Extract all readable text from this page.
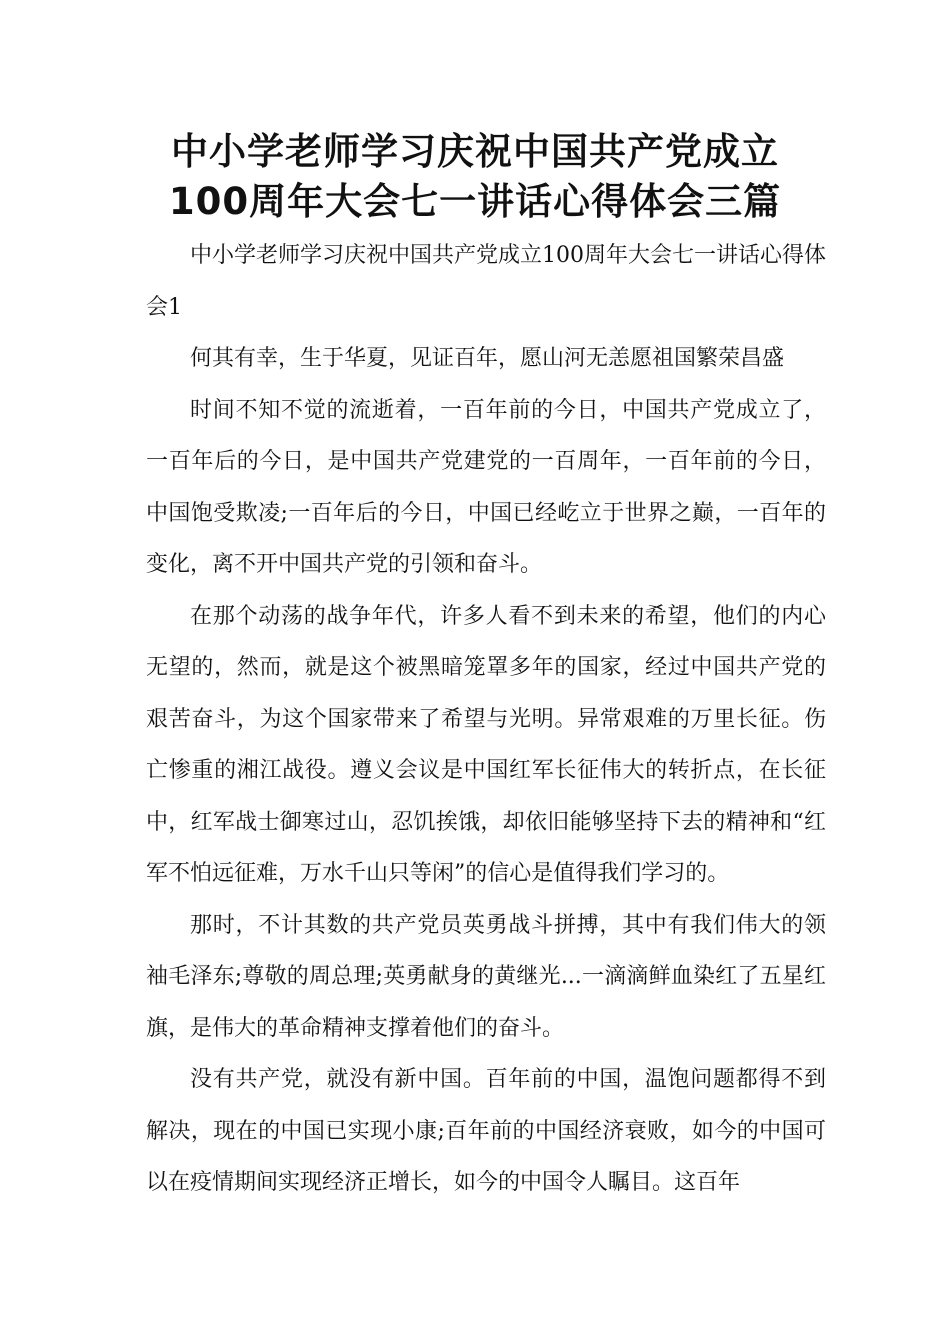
中小学老师学习庆祝中国共产党成立
100周年大会七一讲话心得体会三篇

中小学老师学习庆祝中国共产党成立100周年大会七一讲话心得体会1

何其有幸，生于华夏，见证百年，愿山河无恙愿祖国繁荣昌盛

时间不知不觉的流逝着，一百年前的今日，中国共产党成立了，一百年后的今日，是中国共产党建党的一百周年，一百年前的今日，中国饱受欺凌;一百年后的今日，中国已经屹立于世界之巅，一百年的变化，离不开中国共产党的引领和奋斗。

在那个动荡的战争年代，许多人看不到未来的希望，他们的内心无望的，然而，就是这个被黑暗笼罩多年的国家，经过中国共产党的艰苦奋斗，为这个国家带来了希望与光明。异常艰难的万里长征。伤亡惨重的湘江战役。遵义会议是中国红军长征伟大的转折点，在长征中，红军战士御寒过山，忍饥挨饿，却依旧能够坚持下去的精神和“红军不怕远征难，万水千山只等闲”的信心是值得我们学习的。

那时，不计其数的共产党员英勇战斗拼搏，其中有我们伟大的领袖毛泽东;尊敬的周总理;英勇献身的黄继光...一滴滴鲜血染红了五星红旗，是伟大的革命精神支撑着他们的奋斗。

没有共产党，就没有新中国。百年前的中国，温饱问题都得不到解决，现在的中国已实现小康;百年前的中国经济衰败，如今的中国可以在疫情期间实现经济正增长，如今的中国令人瞩目。这百年
